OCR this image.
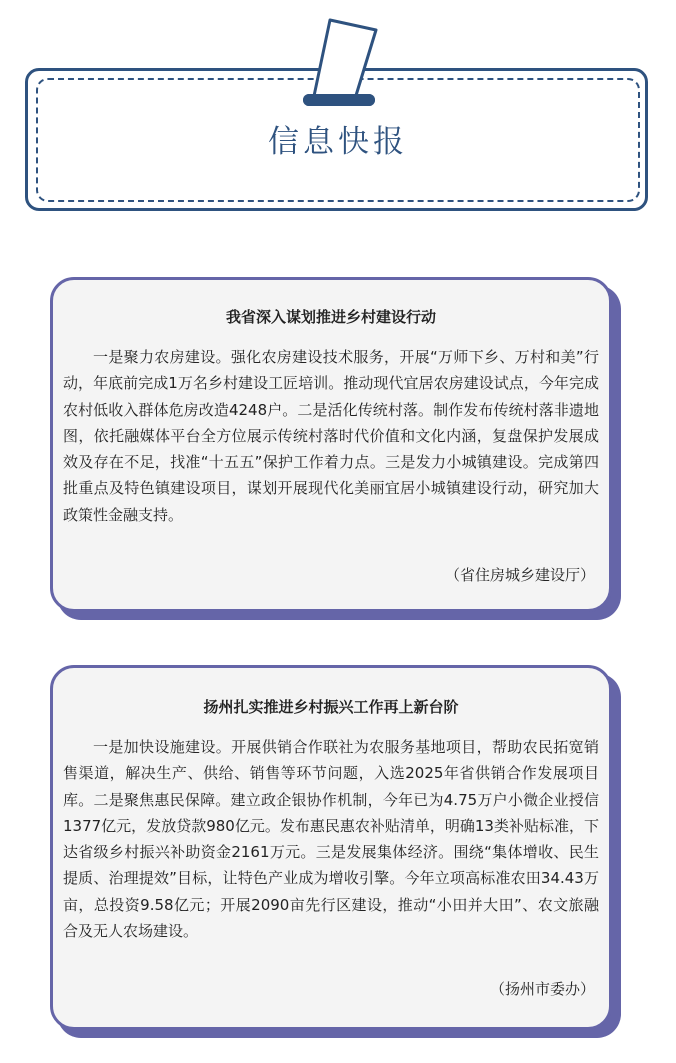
信息快报
我省深入谋划推进乡村建设行动

一是聚力农房建设。强化农房建设技术服务，开展“万师下乡、万村和美”行动，年底前完成1万名乡村建设工匠培训。推动现代宜居农房建设试点，今年完成农村低收入群体危房改造4248户。二是活化传统村落。制作发布传统村落非遗地图，依托融媒体平台全方位展示传统村落时代价值和文化内涵，复盘保护发展成效及存在不足，找准“十五五”保护工作着力点。三是发力小城镇建设。完成第四批重点及特色镇建设项目，谋划开展现代化美丽宜居小城镇建设行动，研究加大政策性金融支持。

（省住房城乡建设厅）

扬州扎实推进乡村振兴工作再上新台阶

一是加快设施建设。开展供销合作联社为农服务基地项目，帮助农民拓宽销售渠道，解决生产、供给、销售等环节问题，入选2025年省供销合作发展项目库。二是聚焦惠民保障。建立政企银协作机制，今年已为4.75万户小微企业授信1377亿元，发放贷款980亿元。发布惠民惠农补贴清单，明确13类补贴标准，下达省级乡村振兴补助资金2161万元。三是发展集体经济。围绕“集体增收、民生提质、治理提效”目标，让特色产业成为增收引擎。今年立项高标准农田34.43万亩，总投资9.58亿元；开展2090亩先行区建设，推动“小田并大田”、农文旅融合及无人农场建设。

（扬州市委办）
